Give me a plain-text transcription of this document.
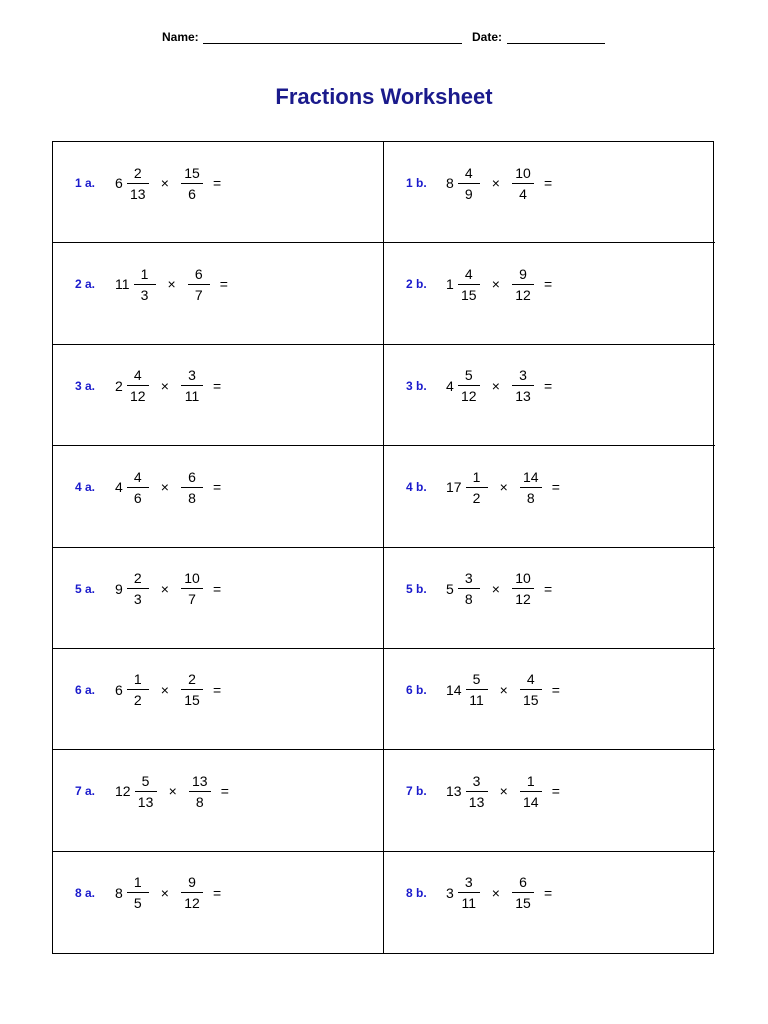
Name:	Date:
Fractions Worksheet
1 a.	$6 \frac{2}{13} \times \frac{15}{6}$ =	1 b.	$8 \frac{4}{9} \times \frac{10}{4}$ =
2 a.	$11 \frac{1}{3} \times \frac{6}{7}$ =	2 b.	$1 \frac{4}{15} \times \frac{9}{12}$ =
3 a.	$2 \frac{4}{12} \times \frac{3}{11}$ =	3 b.	$4 \frac{5}{12} \times \frac{3}{13}$ =
4 a.	$4 \frac{4}{6} \times \frac{6}{8}$ =	4 b.	$17 \frac{1}{2} \times \frac{14}{8}$ =
5 a.	$9 \frac{2}{3} \times \frac{10}{7}$ =	5 b.	$5 \frac{3}{8} \times \frac{10}{12}$ =
6 a.	$6 \frac{1}{2} \times \frac{2}{15}$ =	6 b.	$14 \frac{5}{11} \times \frac{4}{15}$ =
7 a.	$12 \frac{5}{13} \times \frac{13}{8}$ =	7 b.	$13 \frac{3}{13} \times \frac{1}{14}$ =
8 a.	$8 \frac{1}{5} \times \frac{9}{12}$ =	8 b.	$3 \frac{3}{11} \times \frac{6}{15}$ =
